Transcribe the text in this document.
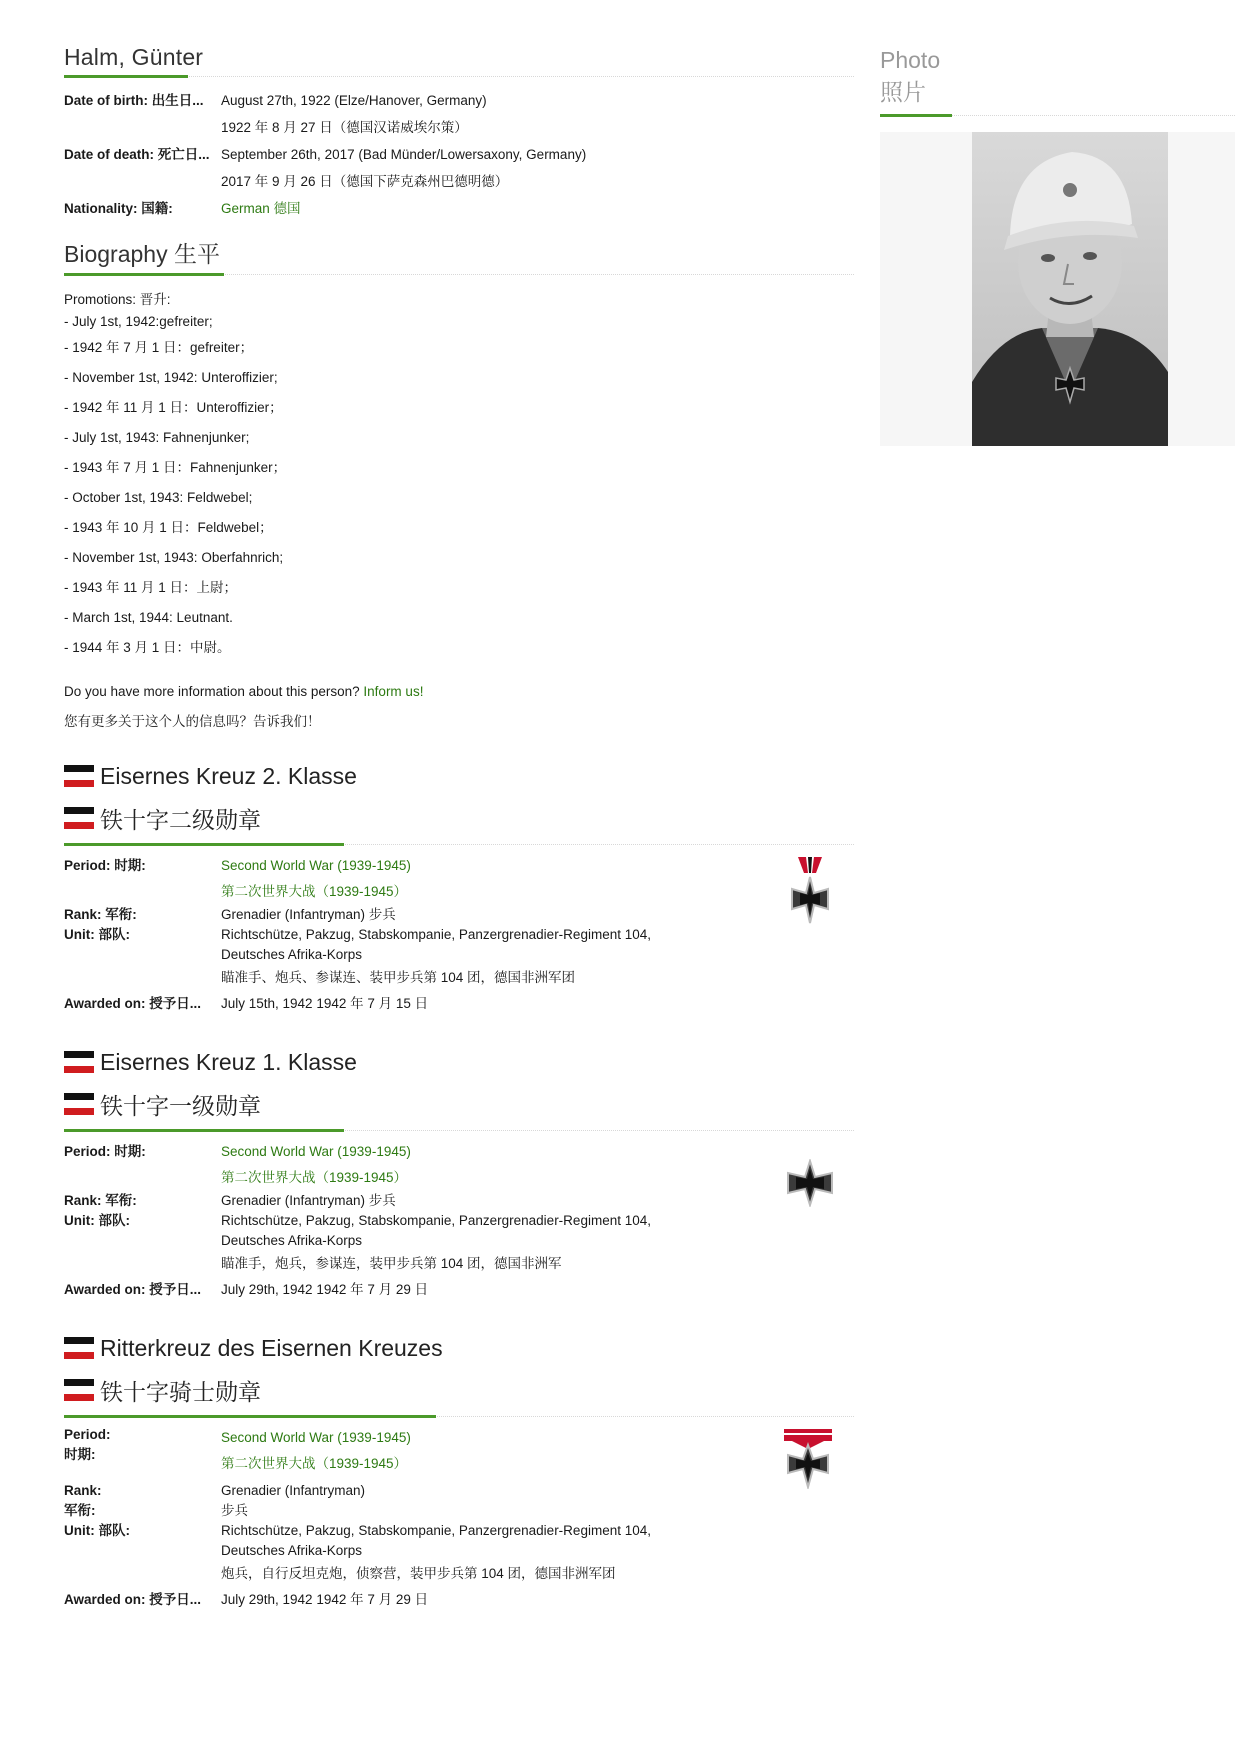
Halm, Günter
Date of birth: 出生日...	August 27th, 1922 (Elze/Hanover, Germany)
1922 年 8 月 27 日（德国汉诺威埃尔策）
Date of death: 死亡日... September 26th, 2017 (Bad Münder/Lowersaxony, Germany)
2017 年 9 月 26 日（德国下萨克森州巴德明德）
Nationality: 国籍:	German 德国
Biography 生平
Promotions: 晋升:
- July 1st, 1942:gefreiter;
- 1942 年 7 月 1 日：gefreiter；
- November 1st, 1942: Unteroffizier;
- 1942 年 11 月 1 日：Unteroffizier；
- July 1st, 1943: Fahnenjunker;
- 1943 年 7 月 1 日：Fahnenjunker；
- October 1st, 1943: Feldwebel;
- 1943 年 10 月 1 日：Feldwebel；
- November 1st, 1943: Oberfahnrich;
- 1943 年 11 月 1 日：上尉；
- March 1st, 1944: Leutnant.
- 1944 年 3 月 1 日：中尉。
Do you have more information about this person? Inform us!
您有更多关于这个人的信息吗？告诉我们！
Eisernes Kreuz 2. Klasse
铁十字二级勋章
Period: 时期:	Second World War (1939-1945)
第二次世界大战（1939-1945）
Rank: 军衔:	Grenadier (Infantryman) 步兵
Unit: 部队:	Richtschütze, Pakzug, Stabskompanie, Panzergrenadier-Regiment 104, Deutsches Afrika-Korps
瞄准手、炮兵、参谋连、装甲步兵第 104 团，德国非洲军团
Awarded on: 授予日...	July 15th, 1942 1942 年 7 月 15 日
Eisernes Kreuz 1. Klasse
铁十字一级勋章
Period: 时期:	Second World War (1939-1945)
第二次世界大战（1939-1945）
Rank: 军衔:	Grenadier (Infantryman) 步兵
Unit: 部队:	Richtschütze, Pakzug, Stabskompanie, Panzergrenadier-Regiment 104, Deutsches Afrika-Korps
瞄准手，炮兵，参谋连，装甲步兵第 104 团，德国非洲军
Awarded on: 授予日...	July 29th, 1942 1942 年 7 月 29 日
Ritterkreuz des Eisernen Kreuzes
铁十字骑士勋章
Period:
时期:
Second World War (1939-1945)
第二次世界大战（1939-1945）
Rank:
军衔:
Grenadier (Infantryman)
步兵
Unit: 部队:	Richtschütze, Pakzug, Stabskompanie, Panzergrenadier-Regiment 104, Deutsches Afrika-Korps
炮兵，自行反坦克炮，侦察营，装甲步兵第 104 团，德国非洲军团
Awarded on: 授予日...	July 29th, 1942 1942 年 7 月 29 日
Photo
照片
